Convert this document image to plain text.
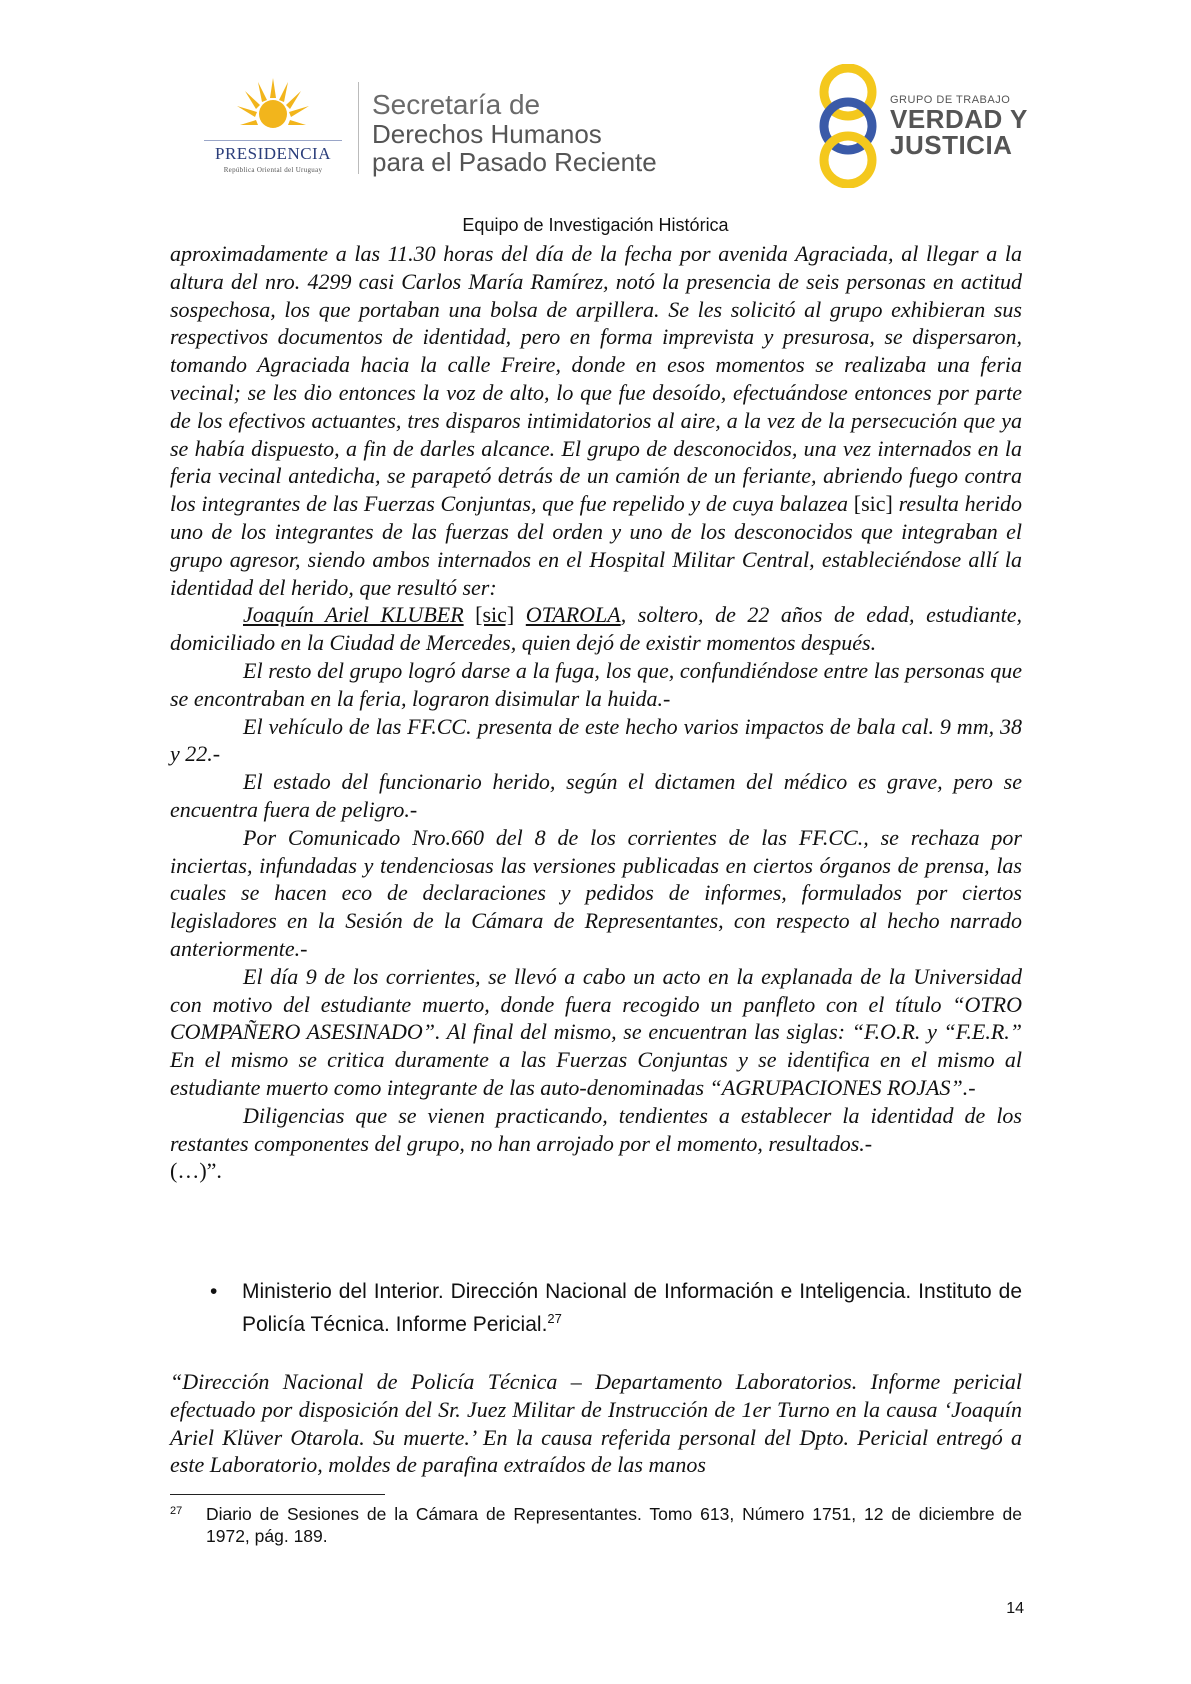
PRESIDENCIA
República Oriental del Uruguay
Secretaría de
Derechos Humanos
para el Pasado Reciente
GRUPO DE TRABAJO
VERDAD Y
JUSTICIA
Equipo de Investigación Histórica

aproximadamente a las 11.30 horas del día de la fecha por avenida Agraciada, al llegar a la altura del nro. 4299 casi Carlos María Ramírez, notó la presencia de seis personas en actitud sospechosa, los que portaban una bolsa de arpillera. Se les solicitó al grupo exhibieran sus respectivos documentos de identidad, pero en forma imprevista y presurosa, se dispersaron, tomando Agraciada hacia la calle Freire, donde en esos momentos se realizaba una feria vecinal; se les dio entonces la voz de alto, lo que fue desoído, efectuándose entonces por parte de los efectivos actuantes, tres disparos intimidatorios al aire, a la vez de la persecución que ya se había dispuesto, a fin de darles alcance. El grupo de desconocidos, una vez internados en la feria vecinal antedicha, se parapetó detrás de un camión de un feriante, abriendo fuego contra los integrantes de las Fuerzas Conjuntas, que fue repelido y de cuya balazea [sic] resulta herido uno de los integrantes de las fuerzas del orden y uno de los desconocidos que integraban el grupo agresor, siendo ambos internados en el Hospital Militar Central, estableciéndose allí la identidad del herido, que resultó ser:

Joaquín Ariel KLUBER [sic] OTAROLA, soltero, de 22 años de edad, estudiante, domiciliado en la Ciudad de Mercedes, quien dejó de existir momentos después.

El resto del grupo logró darse a la fuga, los que, confundiéndose entre las personas que se encontraban en la feria, lograron disimular la huida.-

El vehículo de las FF.CC. presenta de este hecho varios impactos de bala cal. 9 mm, 38 y 22.-

El estado del funcionario herido, según el dictamen del médico es grave, pero se encuentra fuera de peligro.-

Por Comunicado Nro.660 del 8 de los corrientes de las FF.CC., se rechaza por inciertas, infundadas y tendenciosas las versiones publicadas en ciertos órganos de prensa, las cuales se hacen eco de declaraciones y pedidos de informes, formulados por ciertos legisladores en la Sesión de la Cámara de Representantes, con respecto al hecho narrado anteriormente.-

El día 9 de los corrientes, se llevó a cabo un acto en la explanada de la Universidad con motivo del estudiante muerto, donde fuera recogido un panfleto con el título “OTRO COMPAÑERO ASESINADO”. Al final del mismo, se encuentran las siglas: “F.O.R. y “F.E.R.” En el mismo se critica duramente a las Fuerzas Conjuntas y se identifica en el mismo al estudiante muerto como integrante de las auto-denominadas “AGRUPACIONES ROJAS”.-

Diligencias que se vienen practicando, tendientes a establecer la identidad de los restantes componentes del grupo, no han arrojado por el momento, resultados.-

(…)”.

• Ministerio del Interior. Dirección Nacional de Información e Inteligencia. Instituto de Policía Técnica. Informe Pericial.$^{27}$
“Dirección Nacional de Policía Técnica – Departamento Laboratorios. Informe pericial efectuado por disposición del Sr. Juez Militar de Instrucción de 1er Turno en la causa ‘Joaquín Ariel Klüver Otarola. Su muerte.’ En la causa referida personal del Dpto. Pericial entregó a este Laboratorio, moldes de parafina extraídos de las manos
27 Diario de Sesiones de la Cámara de Representantes. Tomo 613, Número 1751, 12 de diciembre de 1972, pág. 189.
14
